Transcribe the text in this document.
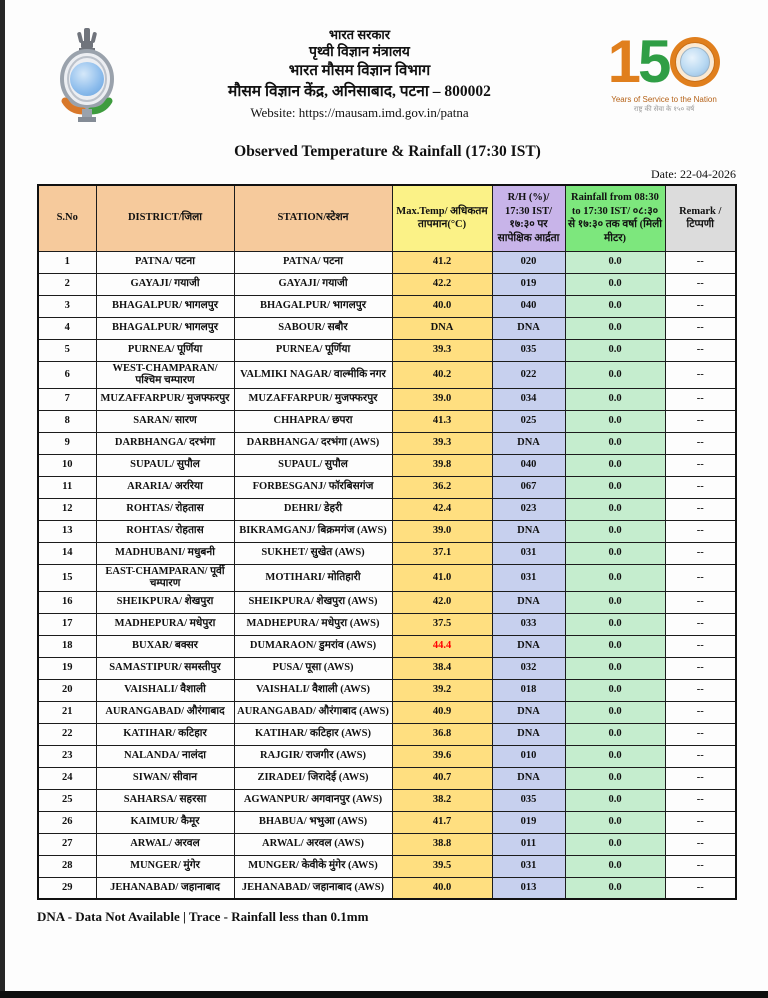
भारत सरकार
पृथ्वी विज्ञान मंत्रालय
भारत मौसम विज्ञान विभाग
मौसम विज्ञान केंद्र, अनिसाबाद, पटना – 800002
Website: https://mausam.imd.gov.in/patna
1 5
Years of Service to the Nation
राष्ट्र की सेवा के १५० वर्ष
Observed Temperature & Rainfall (17:30 IST)
Date: 22-04-2026
S.No	DISTRICT/जिला	STATION/स्टेशन	Max.Temp/ अधिकतम तापमान(°C)	R/H (%)/ 17:30 IST/ १७:३० पर सापेक्षिक आर्द्रता	Rainfall from 08:30 to 17:30 IST/ ०८:३० से १७:३० तक वर्षा (मिली मीटर)	Remark / टिप्पणी
1	PATNA/ पटना	PATNA/ पटना	41.2	020	0.0	--
2	GAYAJI/ गयाजी	GAYAJI/ गयाजी	42.2	019	0.0	--
3	BHAGALPUR/ भागलपुर	BHAGALPUR/ भागलपुर	40.0	040	0.0	--
4	BHAGALPUR/ भागलपुर	SABOUR/ सबौर	DNA	DNA	0.0	--
5	PURNEA/ पूर्णिया	PURNEA/ पूर्णिया	39.3	035	0.0	--
6	WEST-CHAMPARAN/ पश्चिम चम्पारण	VALMIKI NAGAR/ वाल्मीकि नगर	40.2	022	0.0	--
7	MUZAFFARPUR/ मुजफ्फरपुर	MUZAFFARPUR/ मुजफ्फरपुर	39.0	034	0.0	--
8	SARAN/ सारण	CHHAPRA/ छपरा	41.3	025	0.0	--
9	DARBHANGA/ दरभंगा	DARBHANGA/ दरभंगा (AWS)	39.3	DNA	0.0	--
10	SUPAUL/ सुपौल	SUPAUL/ सुपौल	39.8	040	0.0	--
11	ARARIA/ अररिया	FORBESGANJ/ फॉरबिसगंज	36.2	067	0.0	--
12	ROHTAS/ रोहतास	DEHRI/ डेहरी	42.4	023	0.0	--
13	ROHTAS/ रोहतास	BIKRAMGANJ/ बिक्रमगंज (AWS)	39.0	DNA	0.0	--
14	MADHUBANI/ मधुबनी	SUKHET/ सुखेत (AWS)	37.1	031	0.0	--
15	EAST-CHAMPARAN/ पूर्वी चम्पारण	MOTIHARI/ मोतिहारी	41.0	031	0.0	--
16	SHEIKPURA/ शेखपुरा	SHEIKPURA/ शेखपुरा (AWS)	42.0	DNA	0.0	--
17	MADHEPURA/ मधेपुरा	MADHEPURA/ मधेपुरा (AWS)	37.5	033	0.0	--
18	BUXAR/ बक्सर	DUMARAON/ डुमरांव (AWS)	44.4	DNA	0.0	--
19	SAMASTIPUR/ समस्तीपुर	PUSA/ पूसा (AWS)	38.4	032	0.0	--
20	VAISHALI/ वैशाली	VAISHALI/ वैशाली (AWS)	39.2	018	0.0	--
21	AURANGABAD/ औरंगाबाद	AURANGABAD/ औरंगाबाद (AWS)	40.9	DNA	0.0	--
22	KATIHAR/ कटिहार	KATIHAR/ कटिहार (AWS)	36.8	DNA	0.0	--
23	NALANDA/ नालंदा	RAJGIR/ राजगीर (AWS)	39.6	010	0.0	--
24	SIWAN/ सीवान	ZIRADEI/ जिरादेई (AWS)	40.7	DNA	0.0	--
25	SAHARSA/ सहरसा	AGWANPUR/ अगवानपुर (AWS)	38.2	035	0.0	--
26	KAIMUR/ कैमूर	BHABUA/ भभुआ (AWS)	41.7	019	0.0	--
27	ARWAL/ अरवल	ARWAL/ अरवल (AWS)	38.8	011	0.0	--
28	MUNGER/ मुंगेर	MUNGER/ केवीके मुंगेर (AWS)	39.5	031	0.0	--
29	JEHANABAD/ जहानाबाद	JEHANABAD/ जहानाबाद (AWS)	40.0	013	0.0	--
DNA - Data Not Available | Trace - Rainfall less than 0.1mm
